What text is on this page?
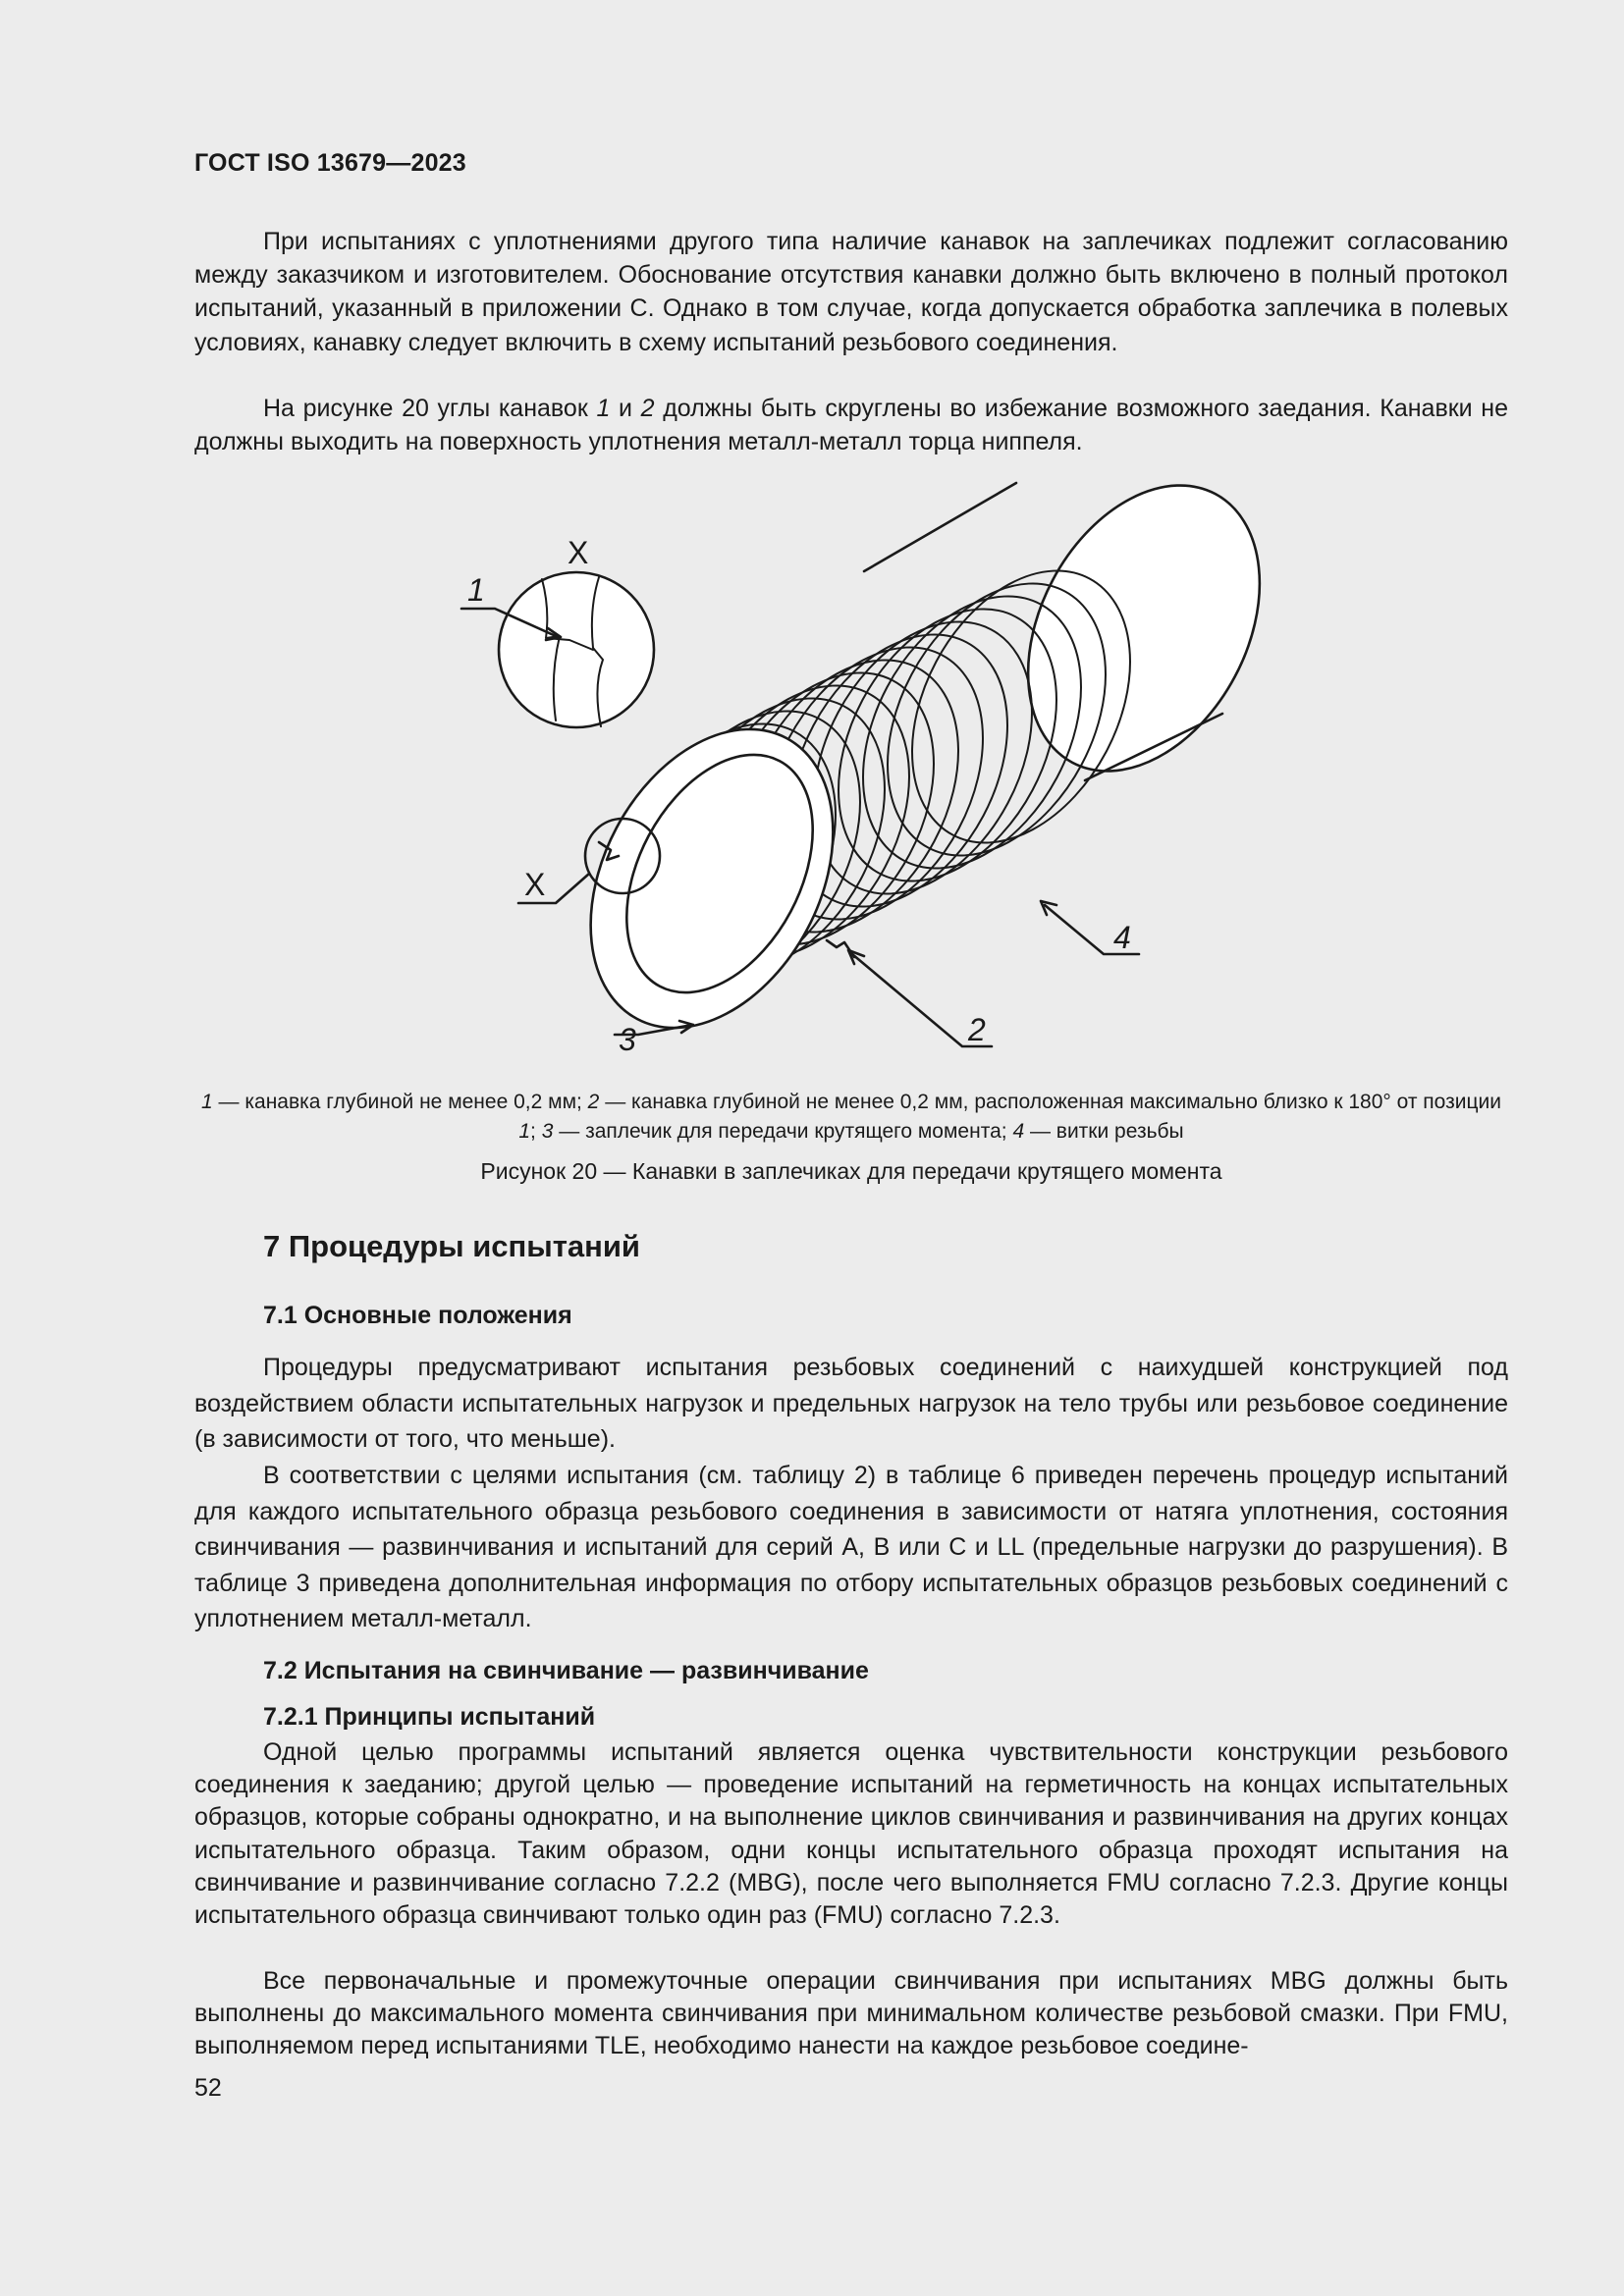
ГОСТ ISO 13679—2023

При испытаниях с уплотнениями другого типа наличие канавок на заплечиках подлежит согласованию между заказчиком и изготовителем. Обоснование отсутствия канавки должно быть включено в полный протокол испытаний, указанный в приложении С. Однако в том случае, когда допускается обработка заплечика в полевых условиях, канавку следует включить в схему испытаний резьбового соединения.

На рисунке 20 углы канавок 1 и 2 должны быть скруглены во избежание возможного заедания. Канавки не должны выходить на поверхность уплотнения металл-металл торца ниппеля.

1
X
X
3	2
4

1 — канавка глубиной не менее 0,2 мм; 2 — канавка глубиной не менее 0,2 мм, расположенная максимально близко к 180° от позиции 1; 3 — заплечик для передачи крутящего момента; 4 — витки резьбы

Рисунок 20 — Канавки в заплечиках для передачи крутящего момента
7 Процедуры испытаний
7.1 Основные положения

Процедуры предусматривают испытания резьбовых соединений с наихудшей конструкцией под воздействием области испытательных нагрузок и предельных нагрузок на тело трубы или резьбовое соединение (в зависимости от того, что меньше).

В соответствии с целями испытания (см. таблицу 2) в таблице 6 приведен перечень процедур испытаний для каждого испытательного образца резьбового соединения в зависимости от натяга уплотнения, состояния свинчивания — развинчивания и испытаний для серий А, В или С и LL (предельные нагрузки до разрушения). В таблице 3 приведена дополнительная информация по отбору испытательных образцов резьбовых соединений с уплотнением металл-металл.

7.2 Испытания на свинчивание — развинчивание
7.2.1 Принципы испытаний

Одной целью программы испытаний является оценка чувствительности конструкции резьбового соединения к заеданию; другой целью — проведение испытаний на герметичность на концах испытательных образцов, которые собраны однократно, и на выполнение циклов свинчивания и развинчивания на других концах испытательного образца. Таким образом, одни концы испытательного образца проходят испытания на свинчивание и развинчивание согласно 7.2.2 (MBG), после чего выполняется FMU согласно 7.2.3. Другие концы испытательного образца свинчивают только один раз (FMU) согласно 7.2.3.

Все первоначальные и промежуточные операции свинчивания при испытаниях MBG должны быть выполнены до максимального момента свинчивания при минимальном количестве резьбовой смазки. При FMU, выполняемом перед испытаниями TLE, необходимо нанести на каждое резьбовое соедине-

52
